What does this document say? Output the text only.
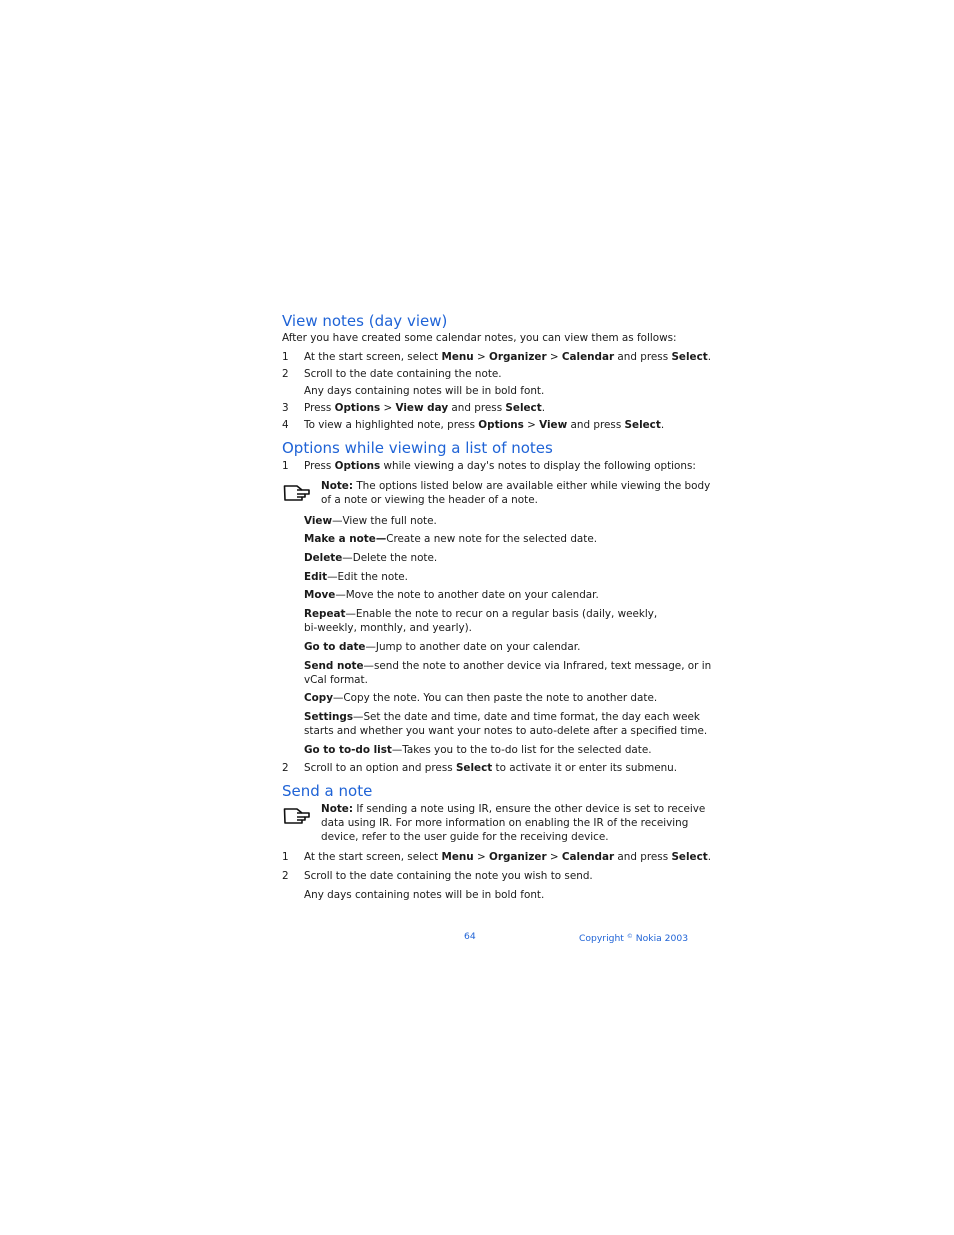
View notes (day view)
After you have created some calendar notes, you can view them as follows:
1 At the start screen, select Menu > Organizer > Calendar and press Select.
2 Scroll to the date containing the note.
Any days containing notes will be in bold font.
3 Press Options > View day and press Select.
4 To view a highlighted note, press Options > View and press Select.
Options while viewing a list of notes
1 Press Options while viewing a day's notes to display the following options:
Note: The options listed below are available either while viewing the body
of a note or viewing the header of a note.
View—View the full note.
Make a note—Create a new note for the selected date.
Delete—Delete the note.
Edit—Edit the note.
Move—Move the note to another date on your calendar.
Repeat—Enable the note to recur on a regular basis (daily, weekly,
bi-weekly, monthly, and yearly).
Go to date—Jump to another date on your calendar.
Send note—send the note to another device via Infrared, text message, or in
vCal format.
Copy—Copy the note. You can then paste the note to another date.
Settings—Set the date and time, date and time format, the day each week
starts and whether you want your notes to auto-delete after a specified time.
Go to to-do list—Takes you to the to-do list for the selected date.
2 Scroll to an option and press Select to activate it or enter its submenu.
Send a note
Note: If sending a note using IR, ensure the other device is set to receive
data using IR. For more information on enabling the IR of the receiving
device, refer to the user guide for the receiving device.
1 At the start screen, select Menu > Organizer > Calendar and press Select.
2 Scroll to the date containing the note you wish to send.
Any days containing notes will be in bold font.
64	Copyright © Nokia 2003
